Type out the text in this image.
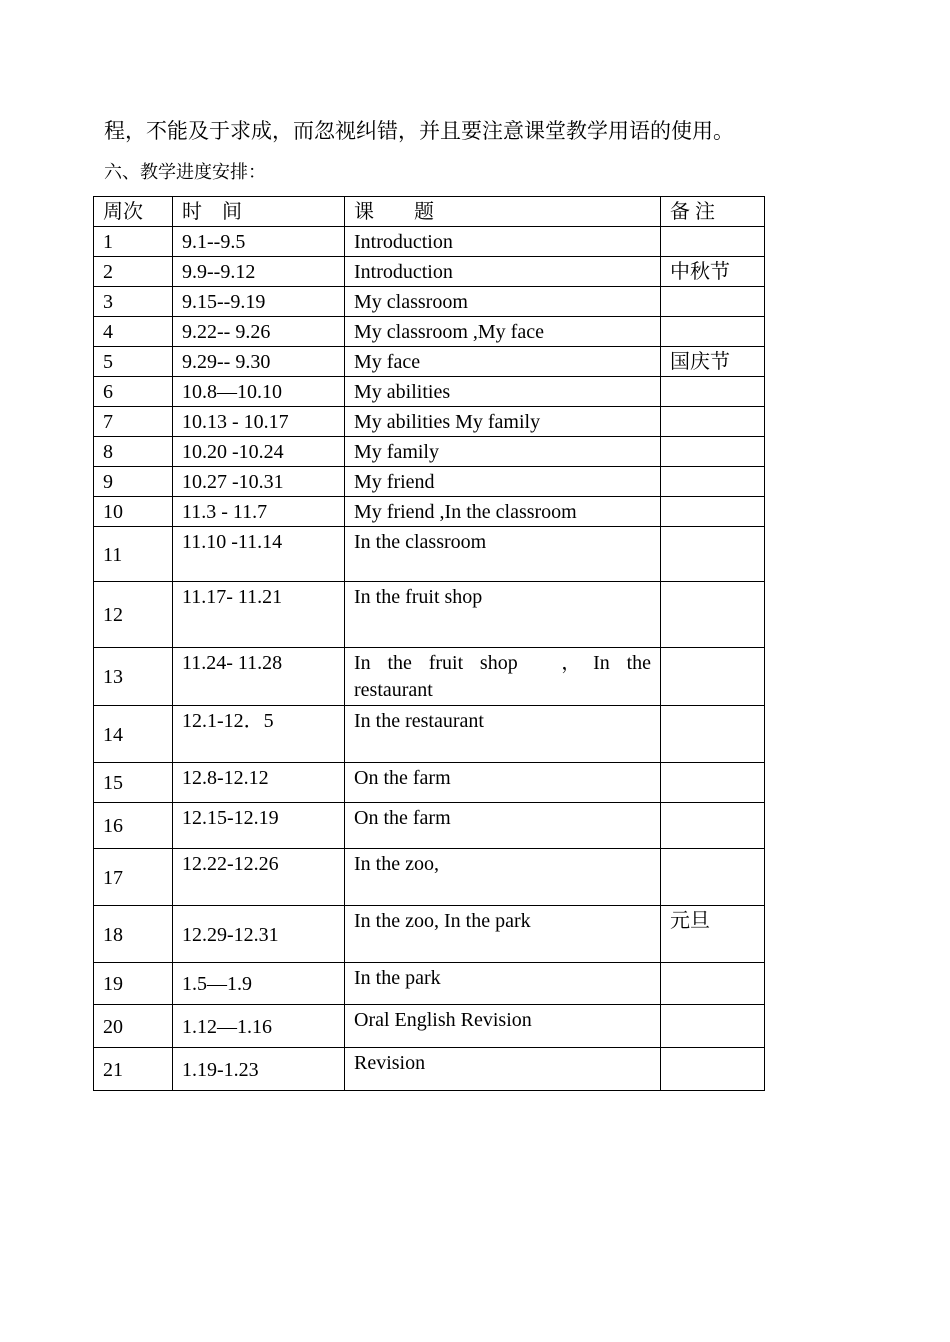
程，不能及于求成，而忽视纠错，并且要注意课堂教学用语的使用。
六、教学进度安排：
周次	时　间	课　　题	备 注
1	9.1--9.5	Introduction	
2	9.9--9.12	Introduction	中秋节
3	9.15--9.19	My classroom	
4	9.22-- 9.26	My classroom ,My face	
5	9.29-- 9.30	My face	国庆节
6	10.8—10.10	My abilities	
7	10.13 - 10.17	My abilities My family	
8	10.20 -10.24	My family	
9	10.27 -10.31	My friend	
10	11.3 - 11.7	My friend ,In the classroom	
11	11.10 -11.14	In the classroom	
12	11.17- 11.21	In the fruit shop	
13	11.24- 11.28	In the fruit shop　，In the restaurant	
14	12.1-12．5	In the restaurant	
15	12.8-12.12	On the farm	
16	12.15-12.19	On the farm	
17	12.22-12.26	In the zoo,	
18	12.29-12.31	In the zoo, In the park	元旦
19	1.5—1.9	In the park	
20	1.12—1.16	Oral English Revision	
21	1.19-1.23	Revision	
